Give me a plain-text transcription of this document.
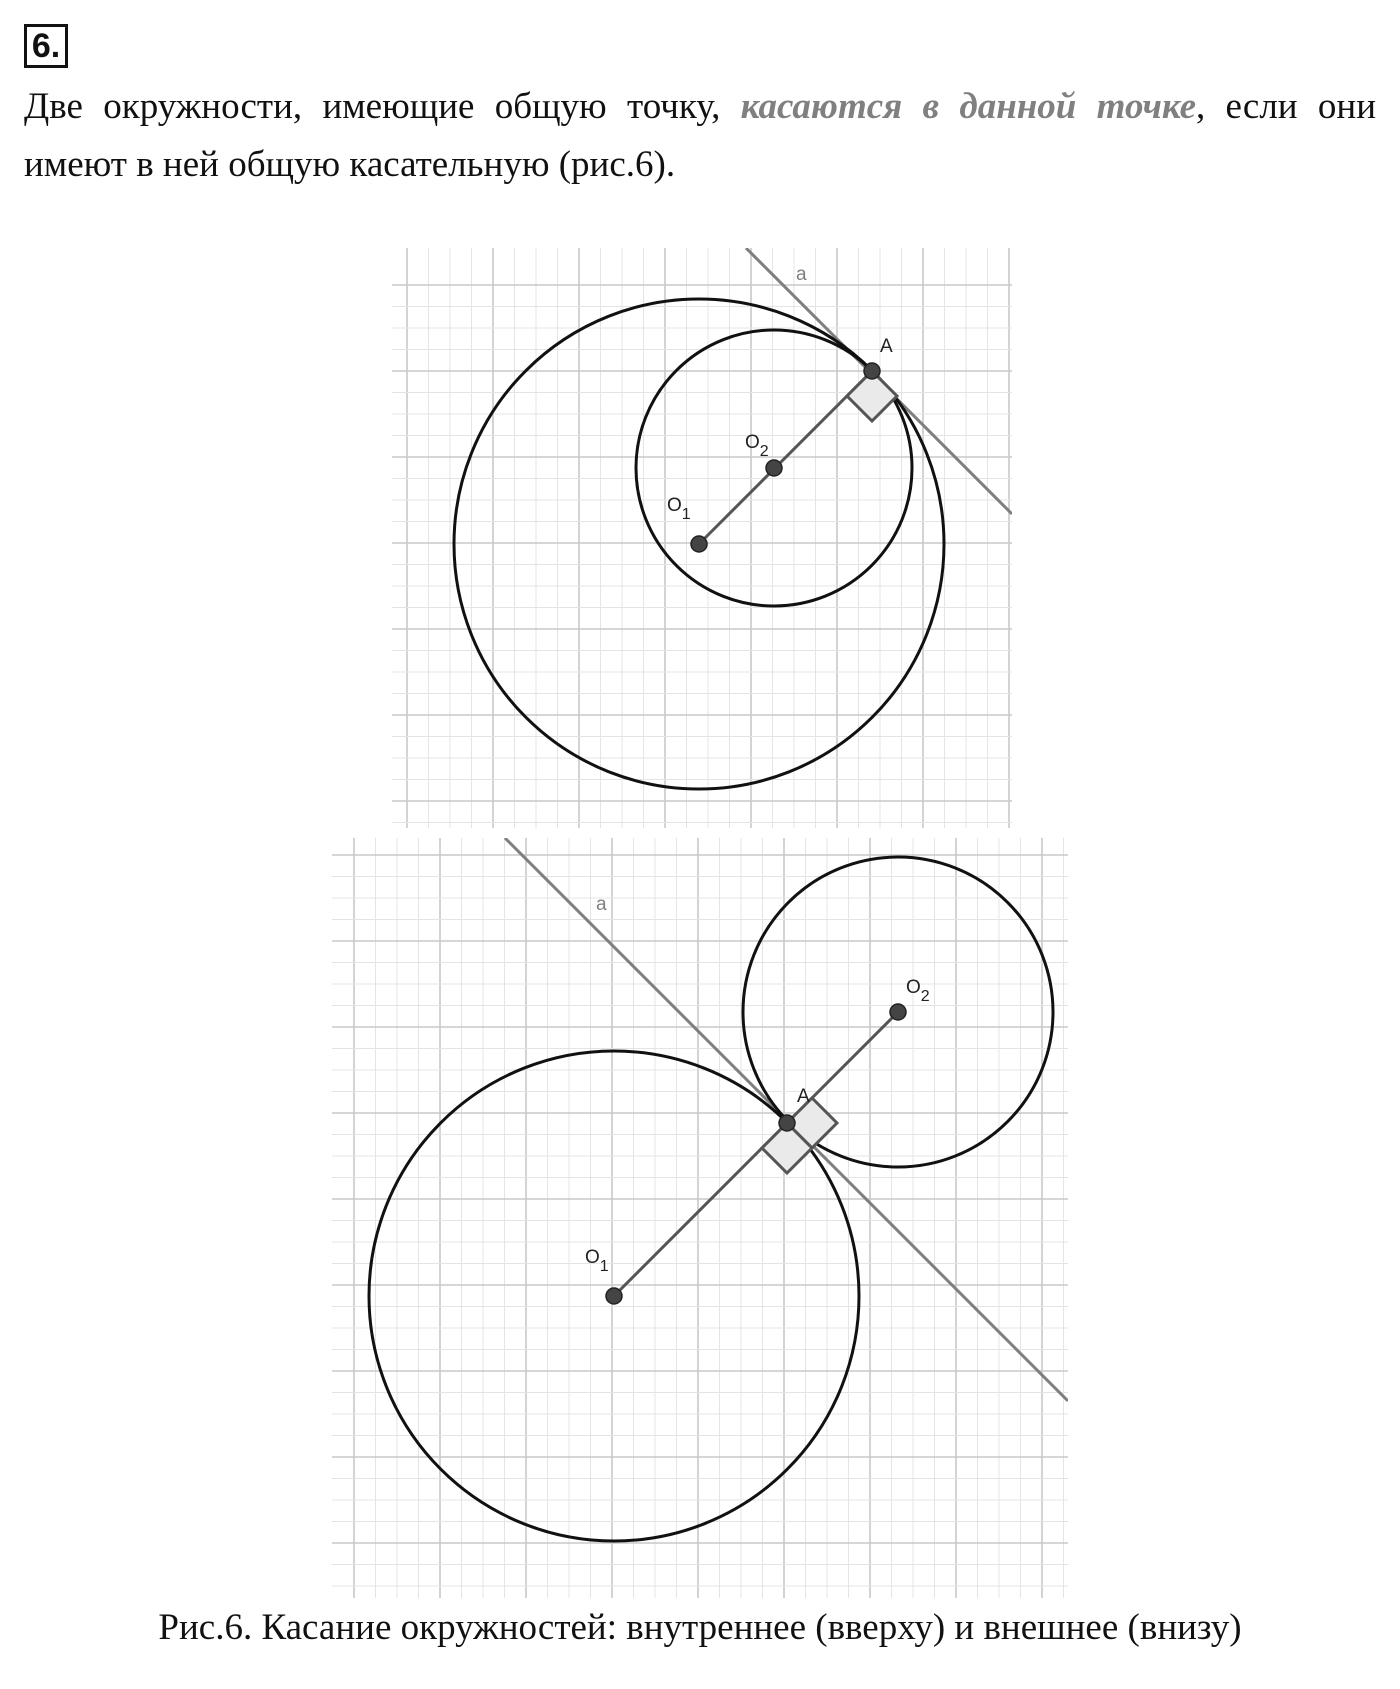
6.

Две окружности, имеющие общую точку, касаются в данной точке, если они имеют в ней общую касательную (рис.6).

a
A
$O_2$
$O_1$
a
A
$O_2$
$O_1$
Рис.6. Касание окружностей: внутреннее (вверху) и внешнее (внизу)
